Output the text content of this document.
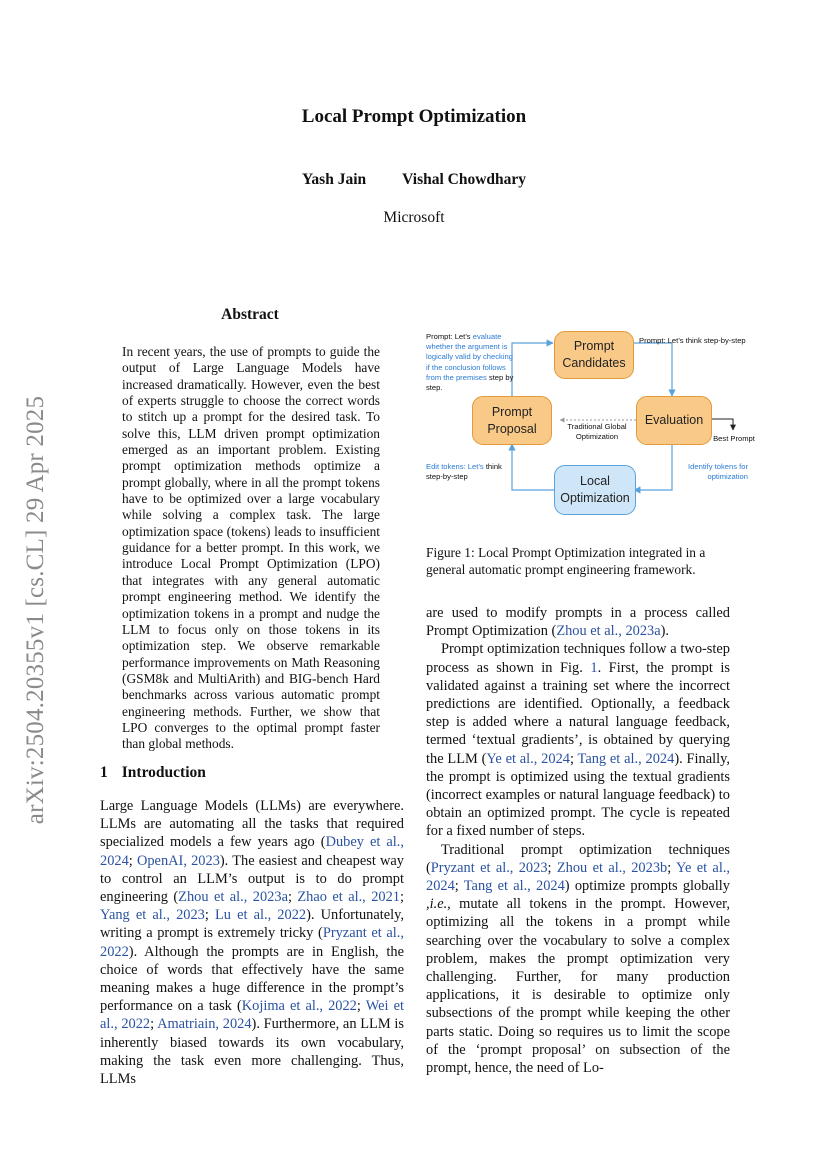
arXiv:2504.20355v1 [cs.CL] 29 Apr 2025
Local Prompt Optimization
Yash Jain Vishal Chowdhary
Microsoft
Abstract
In recent years, the use of prompts to guide the output of Large Language Models have increased dramatically. However, even the best of experts struggle to choose the correct words to stitch up a prompt for the desired task. To solve this, LLM driven prompt optimization emerged as an important problem. Existing prompt optimization methods optimize a prompt globally, where in all the prompt tokens have to be optimized over a large vocabulary while solving a complex task. The large optimization space (tokens) leads to insufficient guidance for a better prompt. In this work, we introduce Local Prompt Optimization (LPO) that integrates with any general automatic prompt engineering method. We identify the optimization tokens in a prompt and nudge the LLM to focus only on those tokens in its optimization step. We observe remarkable performance improvements on Math Reasoning (GSM8k and MultiArith) and BIG-bench Hard benchmarks across various automatic prompt engineering methods. Further, we show that LPO converges to the optimal prompt faster than global methods.
1 Introduction

Large Language Models (LLMs) are everywhere. LLMs are automating all the tasks that required specialized models a few years ago (Dubey et al., 2024; OpenAI, 2023). The easiest and cheapest way to control an LLM’s output is to do prompt engineering (Zhou et al., 2023a; Zhao et al., 2021; Yang et al., 2023; Lu et al., 2022). Unfortunately, writing a prompt is extremely tricky (Pryzant et al., 2022). Although the prompts are in English, the choice of words that effectively have the same meaning makes a huge difference in the prompt’s performance on a task (Kojima et al., 2022; Wei et al., 2022; Amatriain, 2024). Furthermore, an LLM is inherently biased towards its own vocabulary, making the task even more challenging. Thus, LLMs

Prompt Candidates
Prompt Proposal
Evaluation
Local Optimization
Prompt: Let’s evaluate whether the argument is logically valid by checking if the conclusion follows from the premises step by step.
Prompt: Let’s think step-by-step
Traditional Global Optimization	Best Prompt
Edit tokens: Let’s think step-by-step
Identify tokens for optimization
Figure 1: Local Prompt Optimization integrated in a general automatic prompt engineering framework.

are used to modify prompts in a process called Prompt Optimization (Zhou et al., 2023a).

Prompt optimization techniques follow a two-step process as shown in Fig. 1. First, the prompt is validated against a training set where the incorrect predictions are identified. Optionally, a feedback step is added where a natural language feedback, termed ‘textual gradients’, is obtained by querying the LLM (Ye et al., 2024; Tang et al., 2024). Finally, the prompt is optimized using the textual gradients (incorrect examples or natural language feedback) to obtain an optimized prompt. The cycle is repeated for a fixed number of steps.

Traditional prompt optimization techniques (Pryzant et al., 2023; Zhou et al., 2023b; Ye et al., 2024; Tang et al., 2024) optimize prompts globally ,i.e., mutate all tokens in the prompt. However, optimizing all the tokens in a prompt while searching over the vocabulary to solve a complex problem, makes the prompt optimization very challenging. Further, for many production applications, it is desirable to optimize only subsections of the prompt while keeping the other parts static. Doing so requires us to limit the scope of the ‘prompt proposal’ on subsection of the prompt, hence, the need of Lo-
